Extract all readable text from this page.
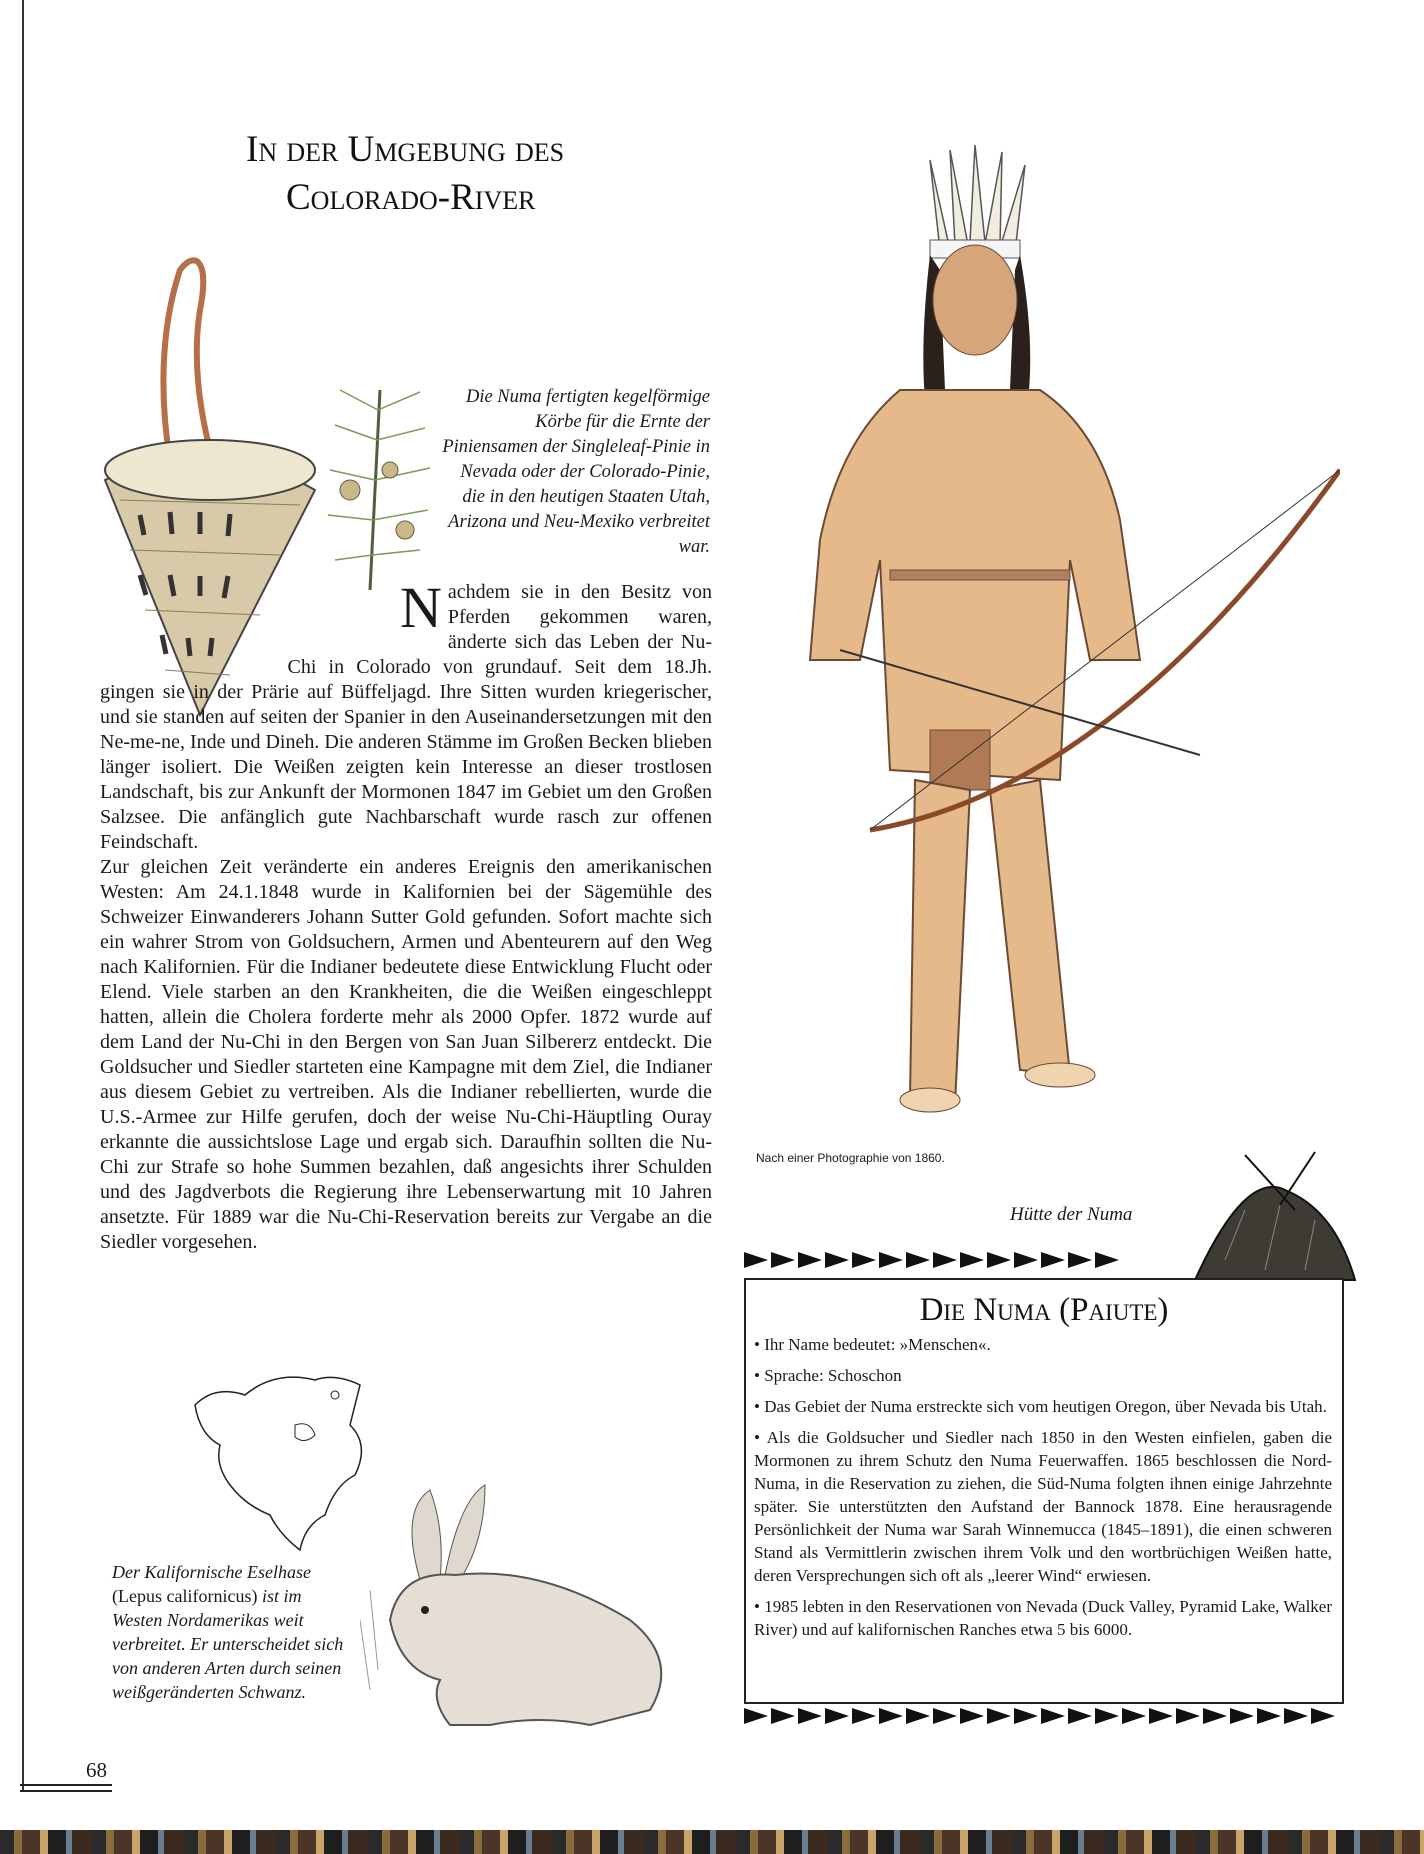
In der Umgebung des
Colorado-River

Die Numa fertigten kegelförmige Körbe für die Ernte der Piniensamen der Singleleaf-Pinie in Nevada oder der Colorado-Pinie, die in den heutigen Staaten Utah, Arizona und Neu-Mexiko verbreitet war.

Nachdem sie in den Besitz von Pferden gekommen waren, änderte sich das Leben der Nu-Chi in Colorado von grundauf. Seit dem 18.Jh. gingen sie in der Prärie auf Büffeljagd. Ihre Sitten wurden kriegerischer, und sie standen auf seiten der Spanier in den Auseinandersetzungen mit den Ne-me-ne, Inde und Dineh. Die anderen Stämme im Großen Becken blieben länger isoliert. Die Weißen zeigten kein Interesse an dieser trostlosen Landschaft, bis zur Ankunft der Mormonen 1847 im Gebiet um den Großen Salzsee. Die anfänglich gute Nachbarschaft wurde rasch zur offenen Feindschaft.

Zur gleichen Zeit veränderte ein anderes Ereignis den amerikanischen Westen: Am 24.1.1848 wurde in Kalifornien bei der Sägemühle des Schweizer Einwanderers Johann Sutter Gold gefunden. Sofort machte sich ein wahrer Strom von Goldsuchern, Armen und Abenteurern auf den Weg nach Kalifornien. Für die Indianer bedeutete diese Entwicklung Flucht oder Elend. Viele starben an den Krankheiten, die die Weißen eingeschleppt hatten, allein die Cholera forderte mehr als 2000 Opfer. 1872 wurde auf dem Land der Nu-Chi in den Bergen von San Juan Silbererz entdeckt. Die Goldsucher und Siedler starteten eine Kampagne mit dem Ziel, die Indianer aus diesem Gebiet zu vertreiben. Als die Indianer rebellierten, wurde die U.S.-Armee zur Hilfe gerufen, doch der weise Nu-Chi-Häuptling Ouray erkannte die aussichtslose Lage und ergab sich. Daraufhin sollten die Nu-Chi zur Strafe so hohe Summen bezahlen, daß angesichts ihrer Schulden und des Jagdverbots die Regierung ihre Lebenserwartung mit 10 Jahren ansetzte. Für 1889 war die Nu-Chi-Reservation bereits zur Vergabe an die Siedler vorgesehen.

Nach einer Photographie von 1860.
Hütte der Numa
Die Numa (Paiute)
• Ihr Name bedeutet: »Menschen«.
• Sprache: Schoschon
• Das Gebiet der Numa erstreckte sich vom heutigen Oregon, über Nevada bis Utah.
• Als die Goldsucher und Siedler nach 1850 in den Westen einfielen, gaben die Mormonen zu ihrem Schutz den Numa Feuerwaffen. 1865 beschlossen die Nord-Numa, in die Reservation zu ziehen, die Süd-Numa folgten ihnen einige Jahrzehnte später. Sie unterstützten den Aufstand der Bannock 1878. Eine herausragende Persönlichkeit der Numa war Sarah Winnemucca (1845–1891), die einen schweren Stand als Vermittlerin zwischen ihrem Volk und den wortbrüchigen Weißen hatte, deren Versprechungen sich oft als „leerer Wind“ erwiesen.
• 1985 lebten in den Reservationen von Nevada (Duck Valley, Pyramid Lake, Walker River) und auf kalifornischen Ranches etwa 5 bis 6000.
Der Kalifornische Eselhase (Lepus californicus) ist im Westen Nordamerikas weit verbreitet. Er unterscheidet sich von anderen Arten durch seinen weißgeränderten Schwanz.
68
